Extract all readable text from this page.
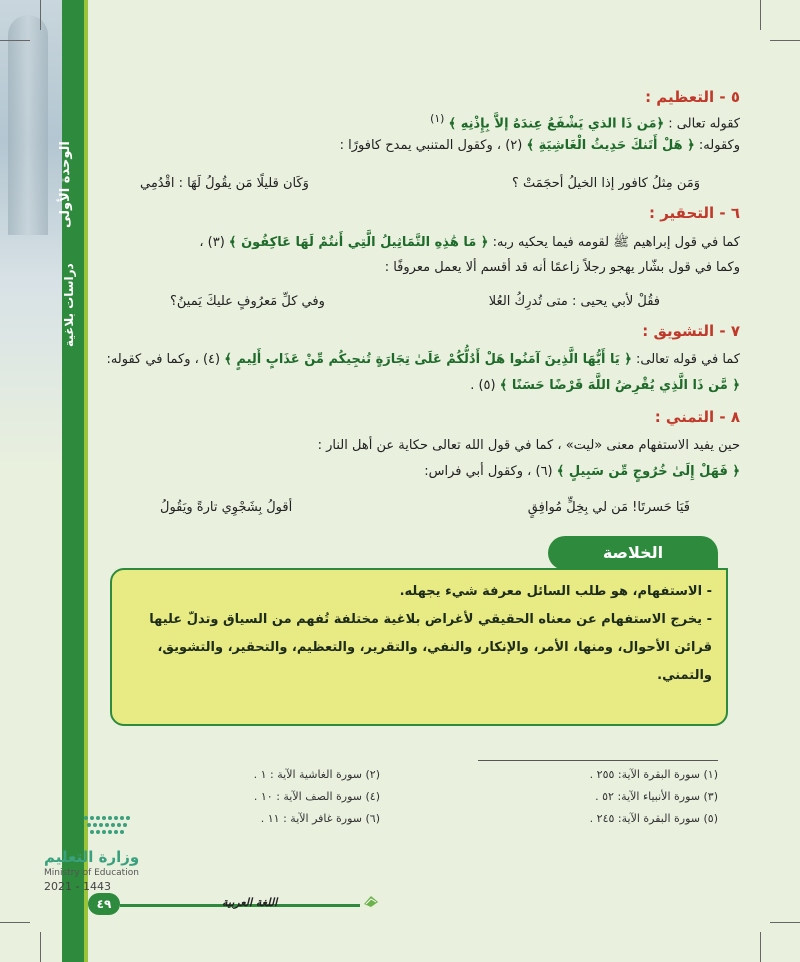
الوحدة الأولى
دراسات بلاغية
٥ - التعظيم :
كقوله تعالى : ﴿مَن ذَا الذي يَشْفَعُ عِندَهُ إلاَّ بِإِذْنِهِ ﴾ $^{(١)}$
وكقوله: ﴿ هَلْ أَتَنكَ حَدِيثُ الْغَاشِيَةِ ﴾ (٢) ، وكقول المتنبي يمدح كافورًا :
وَمَن مِثلُ كافور إذا الخيلُ أحجَمَتْ ؟
وَكَان قليلًا مَن يقُولُ لَهَا : اقْدُمِي
٦ - التحقير :
كما في قول إبراهيم ﷺ لقومه فيما يحكيه ربه: ﴿ مَا هَٰذِهِ التَّمَاثِيلُ الَّتِي أَنتُمْ لَهَا عَاكِفُونَ ﴾ (٣) ،
وكما في قول بشّار يهجو رجلاً زاعمًا أنه قد أقسم ألا يعمل معروفًا :
فقُلْ لأبي يحيى : متى تُدرِكُ العُلا
وفي كلِّ مَعرُوفٍ عليكَ يَمينُ؟
٧ - التشويق :
كما في قوله تعالى: ﴿ يَا أَيُّهَا الَّذِينَ آمَنُوا هَلْ أَدُلُّكُمْ عَلَىٰ تِجَارَةٍ تُنجِيكُم مِّنْ عَذَابٍ أَلِيمٍ ﴾ (٤) ، وكما في كقوله:
﴿ مَّن ذَا الَّذِي يُقْرِضُ اللَّهَ قَرْضًا حَسَنًا ﴾ (٥) .
٨ - التمني :
حين يفيد الاستفهام معنى «ليت» ، كما في قول الله تعالى حكاية عن أهل النار :
﴿ فَهَلْ إِلَىٰ خُرُوجٍ مِّن سَبِيلٍ ﴾ (٦) ، وكقول أبي فراس:
فَيَا حَسرتَا! مَن لي بِخِلٍّ مُوافِقٍ
أقولُ بِشَجْوِي تارةً ويَقُولُ
الخلاصة
- الاستفهام، هو طلب السائل معرفة شيء يجهله.
- يخرج الاستفهام عن معناه الحقيقي لأغراض بلاغية مختلفة تُفهم من السياق وتدلّ عليها
قرائن الأحوال، ومنها، الأمر، والإنكار، والنفي، والتقرير، والتعظيم، والتحقير، والتشويق،
والتمني.
(١) سورة البقرة الآية: ٢٥٥ .
(٣) سورة الأنبياء الآية: ٥٢ .
(٥) سورة البقرة الآية: ٢٤٥ .
(٢) سورة الغاشية الآية : ١ .
(٤) سورة الصف الآية : ١٠ .
(٦) سورة غافر الآية : ١١ .
وزارة التعليم
Ministry of Education
2021 - 1443
٤٩	اللغة العربية
